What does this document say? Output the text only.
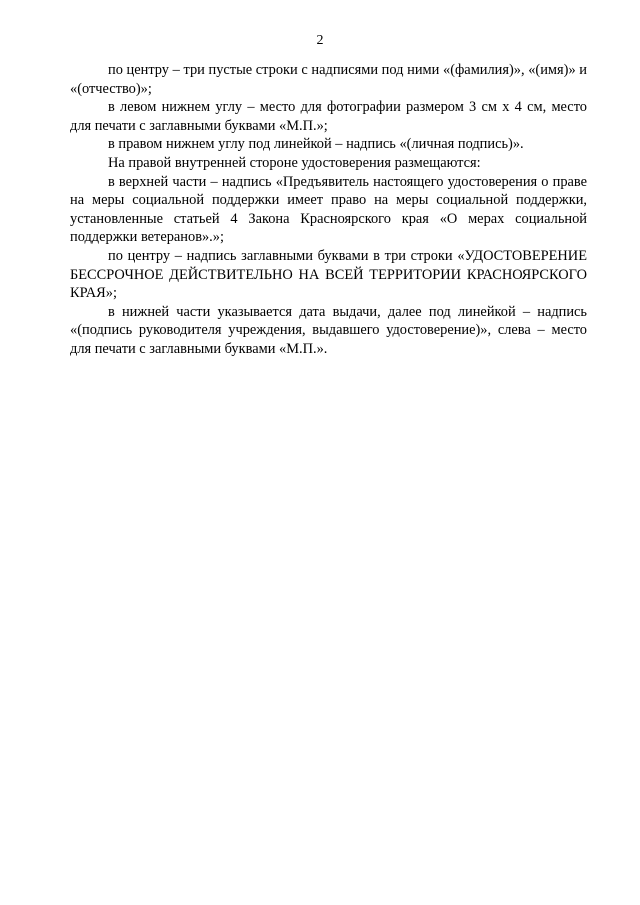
2

по центру – три пустые строки с надписями под ними «(фамилия)», «(имя)» и «(отчество)»;

в левом нижнем углу – место для фотографии размером 3 см х 4 см, место для печати с заглавными буквами «М.П.»;

в правом нижнем углу под линейкой – надпись «(личная подпись)».

На правой внутренней стороне удостоверения размещаются:

в верхней части – надпись «Предъявитель настоящего удостоверения о праве на меры социальной поддержки имеет право на меры социальной поддержки, установленные статьей 4 Закона Красноярского края «О мерах социальной поддержки ветеранов».»;

по центру – надпись заглавными буквами в три строки «УДОСТОВЕРЕНИЕ БЕССРОЧНОЕ ДЕЙСТВИТЕЛЬНО НА ВСЕЙ ТЕРРИТОРИИ КРАСНОЯРСКОГО КРАЯ»;

в нижней части указывается дата выдачи, далее под линейкой – надпись «(подпись руководителя учреждения, выдавшего удостоверение)», слева – место для печати с заглавными буквами «М.П.».
